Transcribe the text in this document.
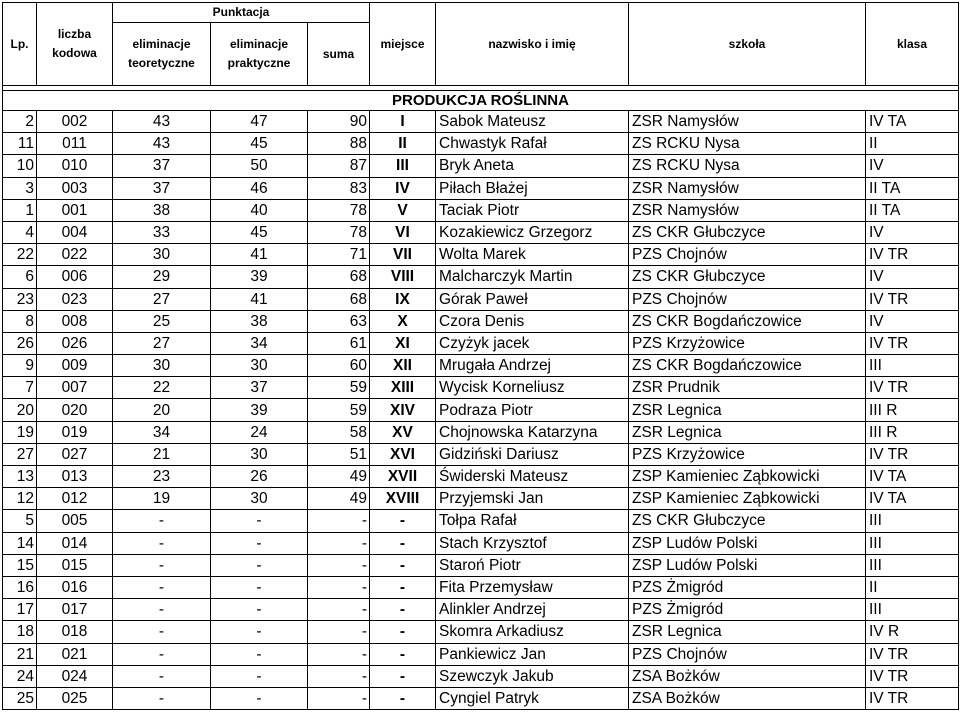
Lp.	liczba kodowa	Punktacja			miejsce	nazwisko i imię	szkoła	klasa
		eliminacje teoretyczne	eliminacje praktyczne	suma				

PRODUKCJA ROŚLINNA								
2	002	43	47	90	I	Sabok Mateusz	ZSR Namysłów	IV TA
11	011	43	45	88	II	Chwastyk Rafał	ZS RCKU Nysa	II
10	010	37	50	87	III	Bryk Aneta	ZS RCKU Nysa	IV
3	003	37	46	83	IV	Piłach Błażej	ZSR Namysłów	II TA
1	001	38	40	78	V	Taciak Piotr	ZSR Namysłów	II TA
4	004	33	45	78	VI	Kozakiewicz Grzegorz	ZS CKR Głubczyce	IV
22	022	30	41	71	VII	Wolta Marek	PZS Chojnów	IV TR
6	006	29	39	68	VIII	Malcharczyk Martin	ZS CKR Głubczyce	IV
23	023	27	41	68	IX	Górak Paweł	PZS Chojnów	IV TR
8	008	25	38	63	X	Czora Denis	ZS CKR Bogdańczowice	IV
26	026	27	34	61	XI	Czyżyk jacek	PZS Krzyżowice	IV TR
9	009	30	30	60	XII	Mrugała Andrzej	ZS CKR Bogdańczowice	III
7	007	22	37	59	XIII	Wycisk Korneliusz	ZSR Prudnik	IV TR
20	020	20	39	59	XIV	Podraza Piotr	ZSR Legnica	III R
19	019	34	24	58	XV	Chojnowska Katarzyna	ZSR Legnica	III R
27	027	21	30	51	XVI	Gidziński Dariusz	PZS Krzyżowice	IV TR
13	013	23	26	49	XVII	Świderski Mateusz	ZSP Kamieniec Ząbkowicki	IV TA
12	012	19	30	49	XVIII	Przyjemski Jan	ZSP Kamieniec Ząbkowicki	IV TA
5	005	-	-	-	-	Tołpa Rafał	ZS CKR Głubczyce	III
14	014	-	-	-	-	Stach Krzysztof	ZSP Ludów Polski	III
15	015	-	-	-	-	Staroń Piotr	ZSP Ludów Polski	III
16	016	-	-	-	-	Fita Przemysław	PZS Żmigród	II
17	017	-	-	-	-	Alinkler Andrzej	PZS Żmigród	III
18	018	-	-	-	-	Skomra Arkadiusz	ZSR Legnica	IV R
21	021	-	-	-	-	Pankiewicz Jan	PZS Chojnów	IV TR
24	024	-	-	-	-	Szewczyk Jakub	ZSA Bożków	IV TR
25	025	-	-	-	-	Cyngiel Patryk	ZSA Bożków	IV TR
